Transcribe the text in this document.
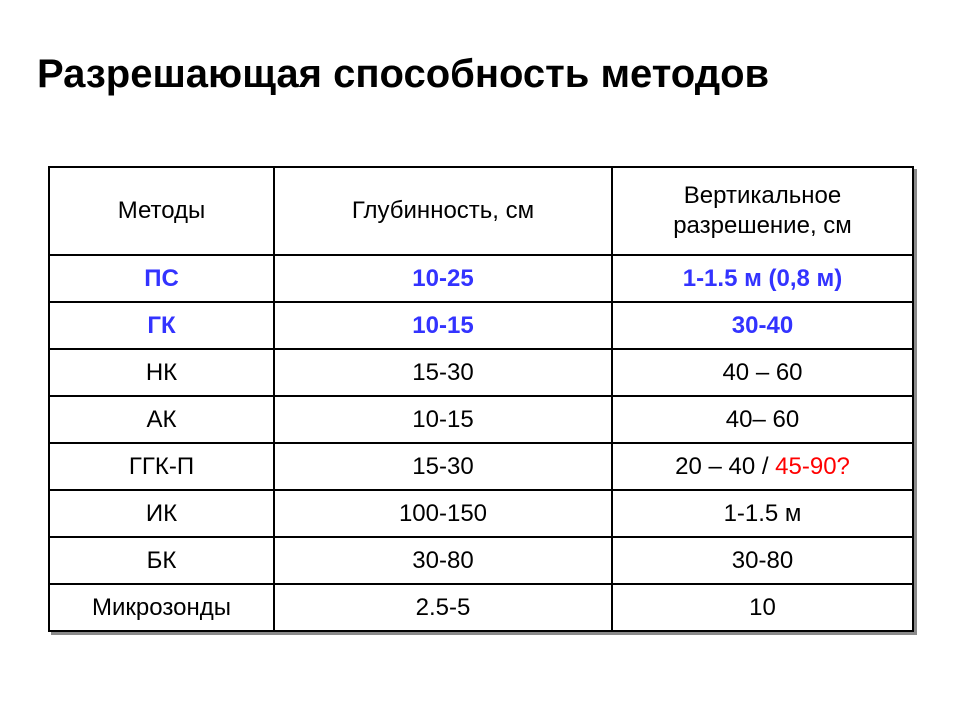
Разрешающая способность методов
Методы	Глубинность, см	Вертикальное
разрешение, см
ПС	10-25	1-1.5 м (0,8 м)
ГК	10-15	30-40
НК	15-30	40 – 60
АК	10-15	40– 60
ГГК-П	15-30	20 – 40 / 45-90?
ИК	100-150	1-1.5 м
БК	30-80	30-80
Микрозонды	2.5-5	10
